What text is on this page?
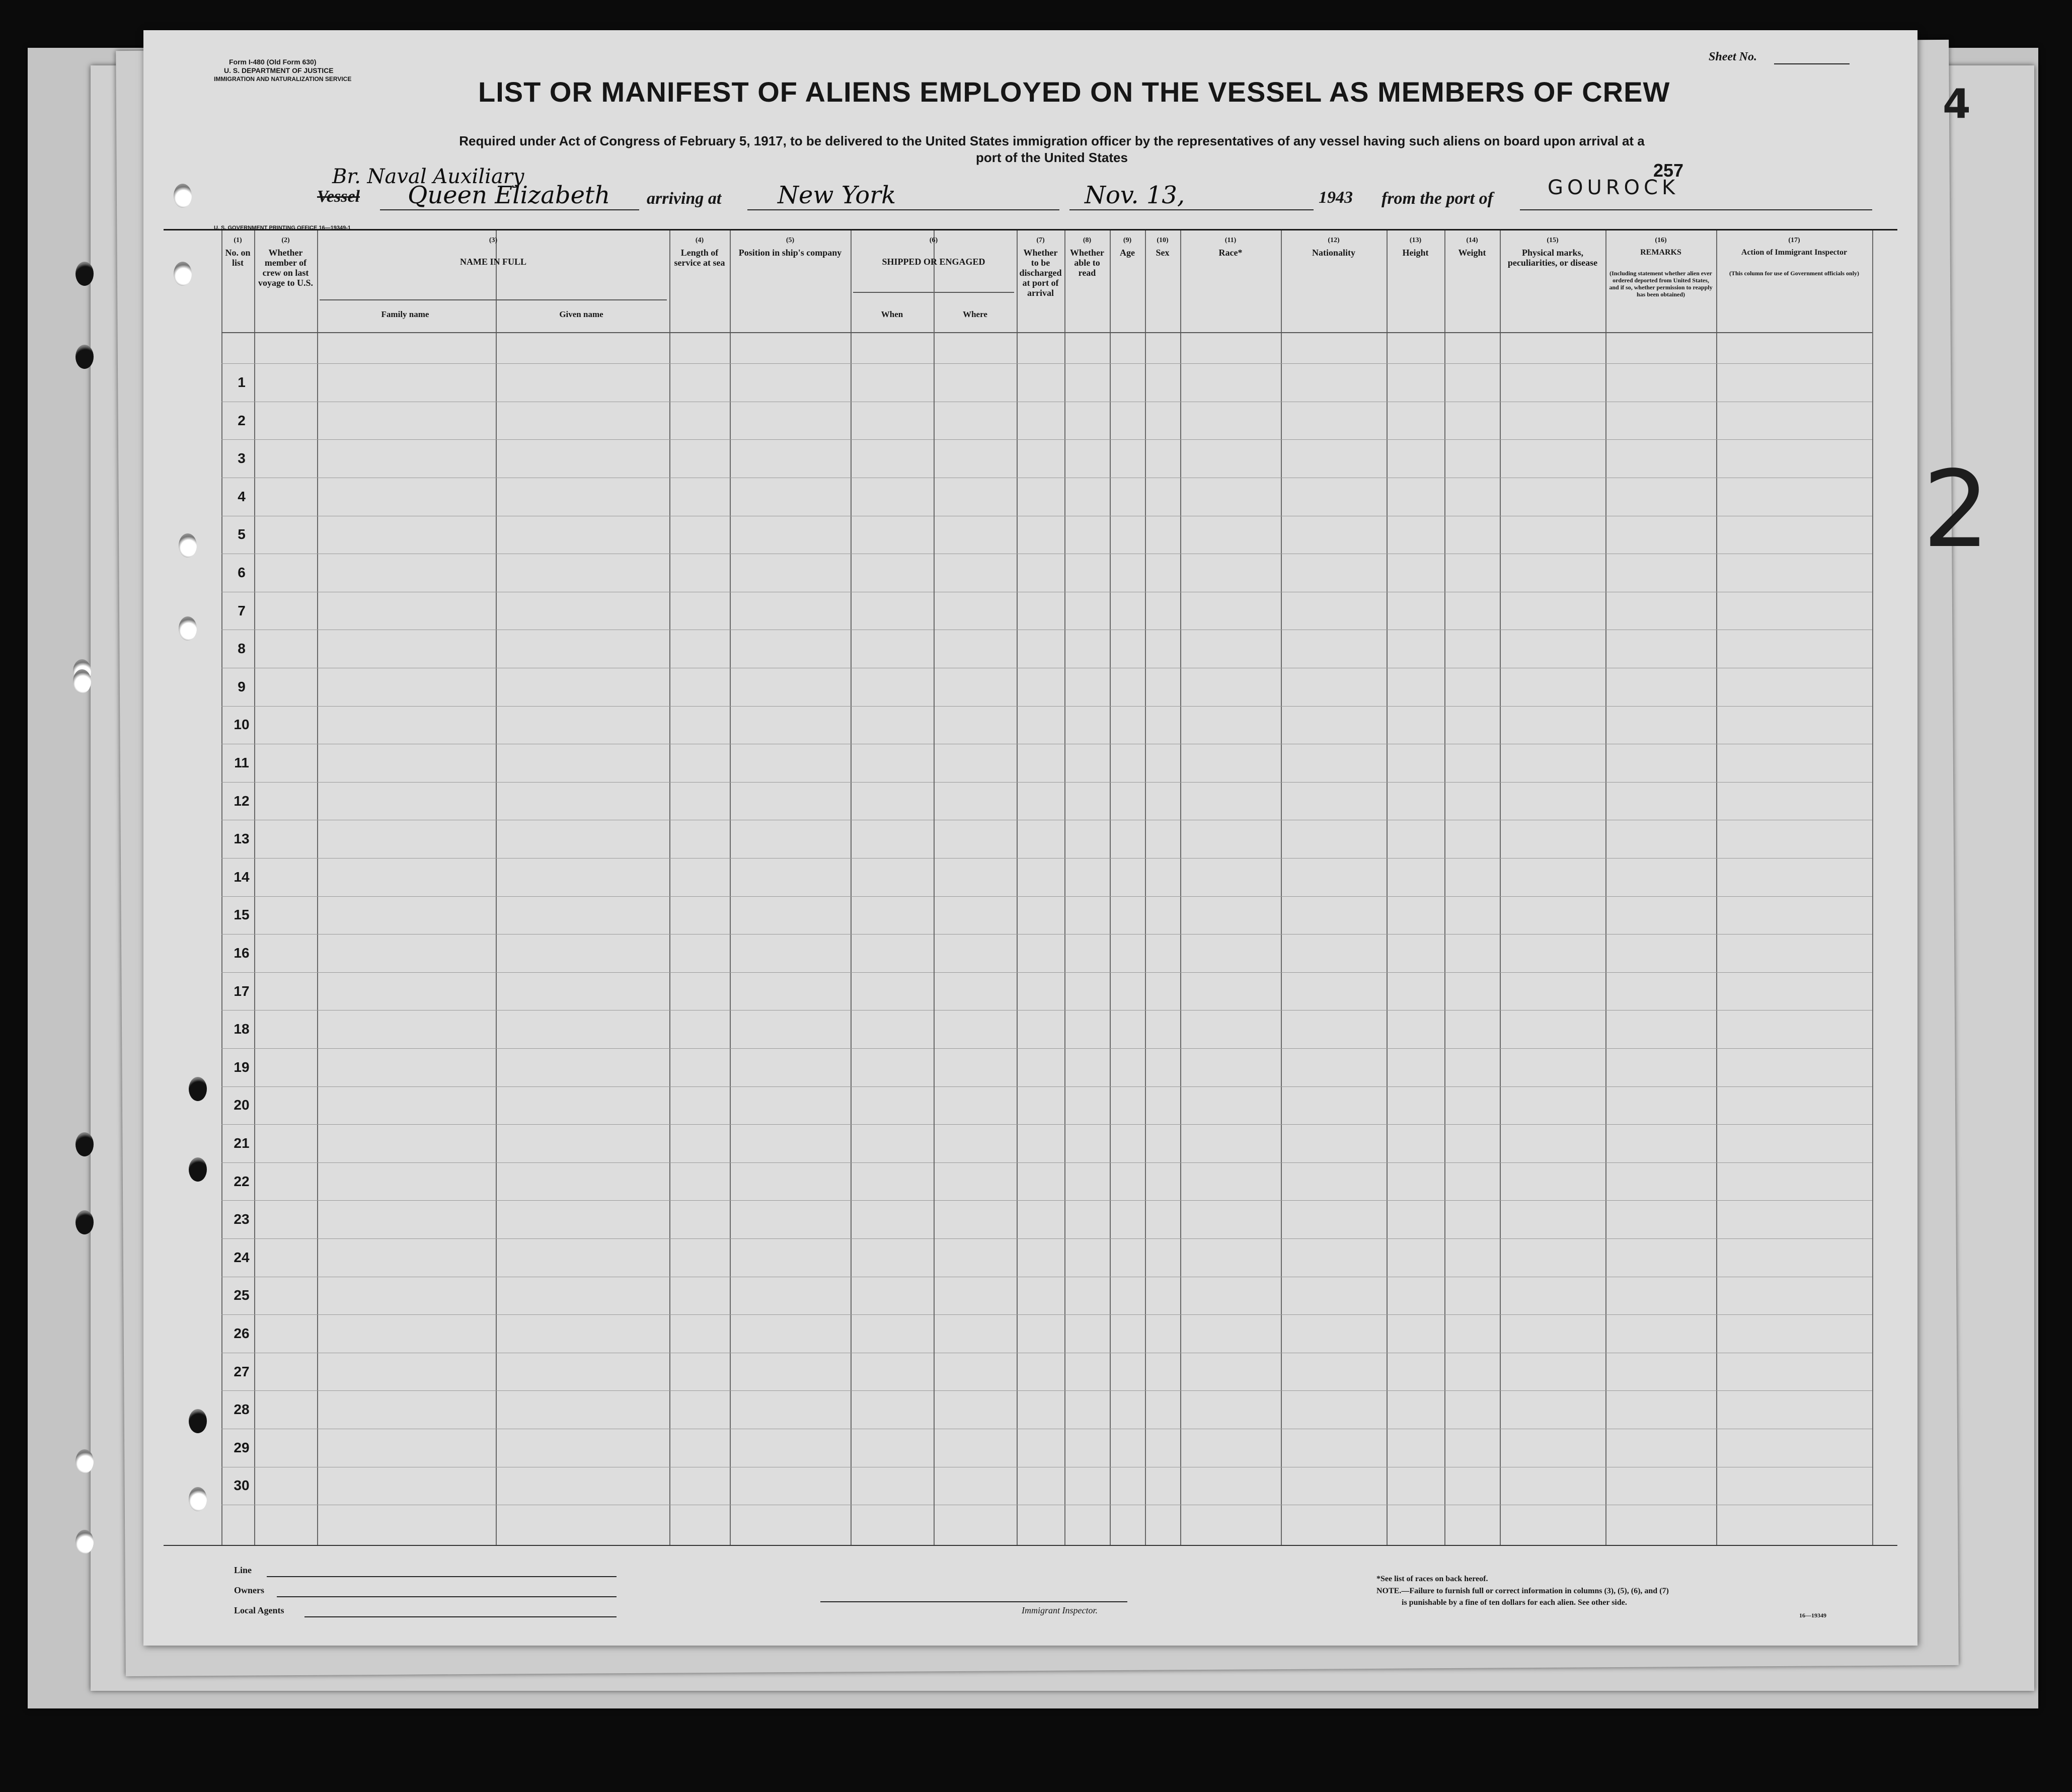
4
2
Form I-480 (Old Form 630)
U. S. DEPARTMENT OF JUSTICE
IMMIGRATION AND NATURALIZATION SERVICE
Sheet No.
LIST OR MANIFEST OF ALIENS EMPLOYED ON THE VESSEL AS MEMBERS OF CREW
Required under Act of Congress of February 5, 1917, to be delivered to the United States immigration officer by the representatives of any vessel having such aliens on board upon arrival at a
port of the United States
Br. Naval Auxiliary
Vessel Queen Elizabeth arriving at New York	Nov. 13,	1943 from the port of	GOUROCK
257
U. S. GOVERNMENT PRINTING OFFICE 16—19349-1
(1)
No. on list
(2)
Whether member of crew on last voyage to U.S.
(3)
NAME IN FULL
Family name	Given name
(4)
Length of service at sea
(5)
Position in ship's company
(6)
SHIPPED OR ENGAGED
When	Where
(7)
Whether to be discharged at port of arrival
(8)
Whether able to read
(9)
Age
(10)
Sex
(11)
Race*
(12)
Nationality
(13)
Height
(14)
Weight
(15)
Physical marks, peculiarities, or disease
(16)
REMARKS
(Including statement whether alien ever ordered deported from United States, and if so, whether permission to reapply has been obtained)
(17)
Action of Immigrant Inspector
(This column for use of Government officials only)
1
2
3
4
5
6
7
8
9
10
11
12
13
14
15
16
17
18
19
20
21
22
23
24
25
26
27
28
29
30
Line
Owners
Local Agents	Immigrant Inspector.
*See list of races on back hereof.
NOTE.—Failure to furnish full or correct information in columns (3), (5), (6), and (7)
is punishable by a fine of ten dollars for each alien. See other side.
16—19349
